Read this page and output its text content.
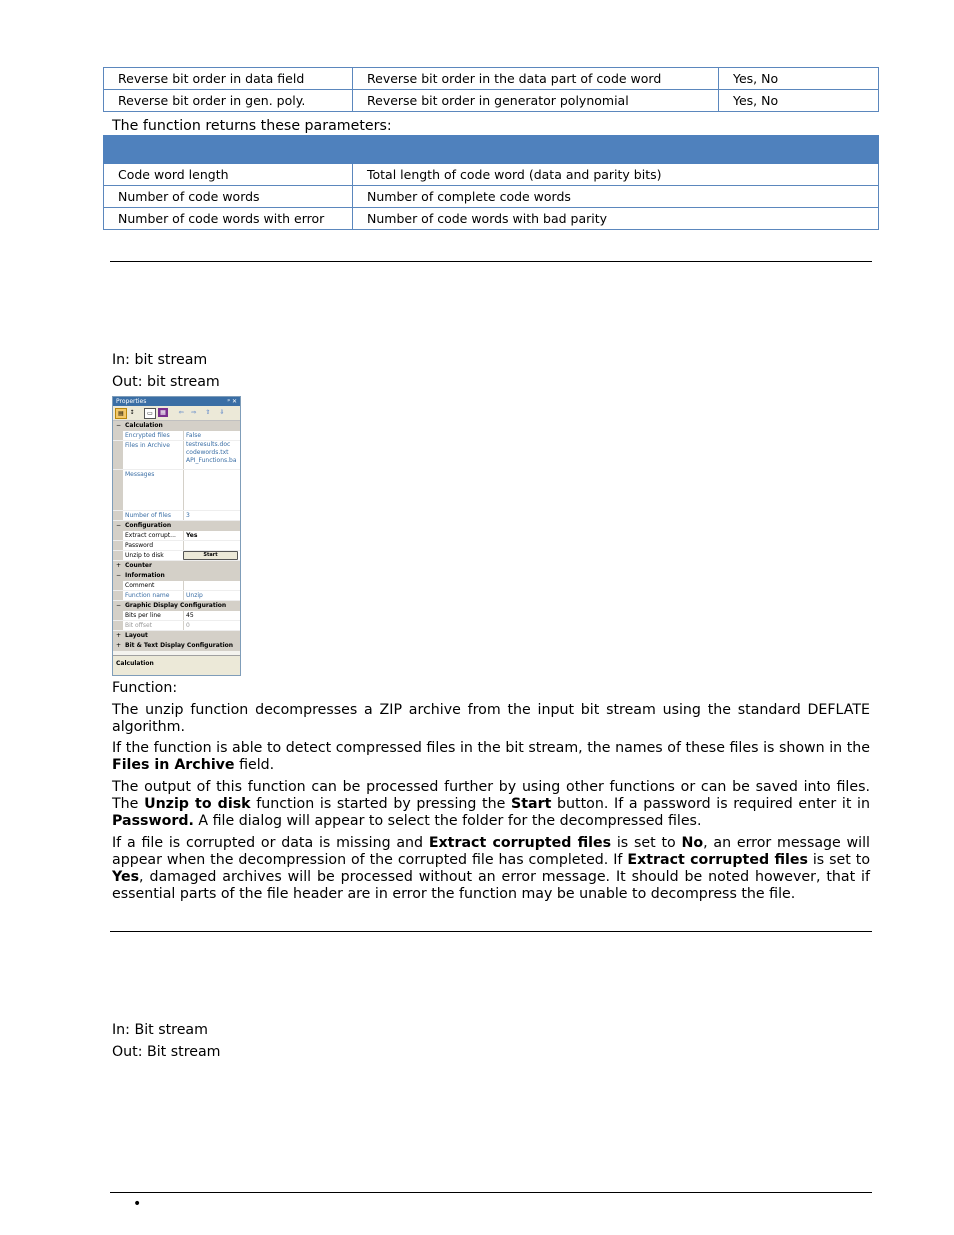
Reverse bit order in data field	Reverse bit order in the data part of code word	Yes, No
Reverse bit order in gen. poly.	Reverse bit order in generator polynomial	Yes, No
The function returns these parameters:

Code word length	Total length of code word (data and parity bits)
Number of code words	Number of complete code words
Number of code words with error	Number of code words with bad parity
In: bit stream
Out: bit stream
Properties	ᵖ ✕
▤ ↕	▭	▦	⇦	⇨	⇧	⇩
− Calculation
Encrypted files	False
Files in Archive	testresults.doc
codewords.txt
API_Functions.ba
Messages
Number of files	3
− Configuration
Extract corrupt...	Yes
Password
Unzip to disk	Start
+ Counter
− Information
Comment
Function name	Unzip
− Graphic Display Configuration
Bits per line	45
Bit offset	0
+ Layout
+ Bit & Text Display Configuration
Calculation
Function:
The unzip function decompresses a ZIP archive from the input bit stream using the standard DEFLATE algorithm.
If the function is able to detect compressed files in the bit stream, the names of these files is shown in the Files in Archive field.
The output of this function can be processed further by using other functions or can be saved into files. The Unzip to disk function is started by pressing the Start button. If a password is required enter it in Password. A file dialog will appear to select the folder for the decompressed files.
If a file is corrupted or data is missing and Extract corrupted files is set to No, an error message will appear when the decompression of the corrupted file has completed. If Extract corrupted files is set to Yes, damaged archives will be processed without an error message. It should be noted however, that if essential parts of the file header are in error the function may be unable to decompress the file.
In: Bit stream
Out: Bit stream
•
